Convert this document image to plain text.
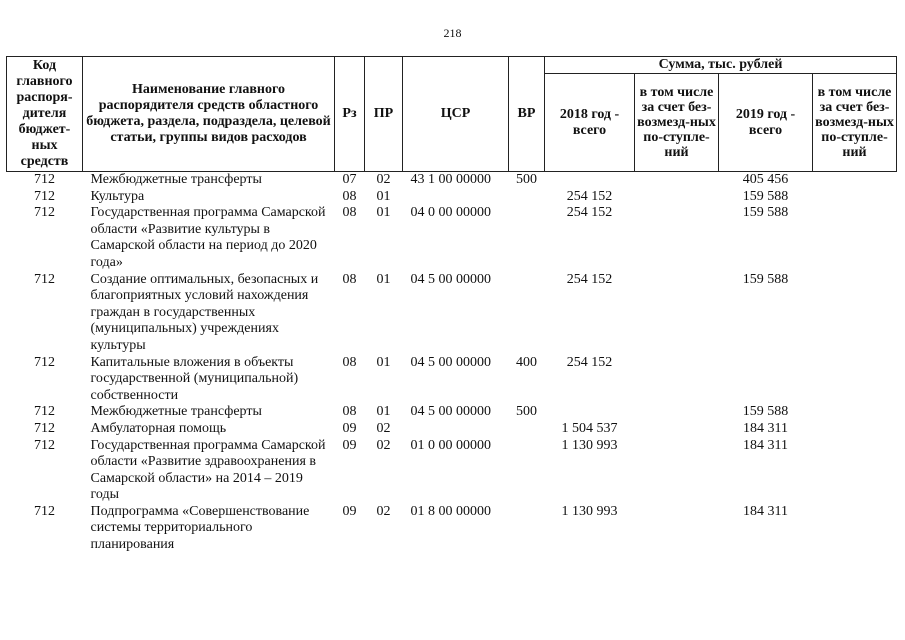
218
Код главного распоря-дителя бюджет-ных средств	Наименование главного распорядителя средств областного бюджета, раздела, подраздела, целевой статьи, группы видов расходов	Рз	ПР	ЦСР	ВР	Сумма, тыс. рублей			
						2018 год - всего	в том числе за счет без-возмезд-ных по-ступле-ний	2019 год - всего	в том числе за счет без-возмезд-ных по-ступле-ний
712	Межбюджетные трансферты	07	02	43 1 00 00000	500			405 456	
712	Культура	08	01			254 152		159 588	
712	Государственная программа Самарской области «Развитие культуры в Самарской области на период до 2020 года»	08	01	04 0 00 00000		254 152		159 588	
712	Создание оптимальных, безопасных и благоприятных условий нахождения граждан в государственных (муниципальных) учреждениях культуры	08	01	04 5 00 00000		254 152		159 588	
712	Капитальные вложения в объекты государственной (муниципальной) собственности	08	01	04 5 00 00000	400	254 152			
712	Межбюджетные трансферты	08	01	04 5 00 00000	500			159 588	
712	Амбулаторная помощь	09	02			1 504 537		184 311	
712	Государственная программа Самарской области «Развитие здравоохранения в Самарской области» на 2014 – 2019 годы	09	02	01 0 00 00000		1 130 993		184 311	
712	Подпрограмма «Совершенствование системы территориального планирования	09	02	01 8 00 00000		1 130 993		184 311	
